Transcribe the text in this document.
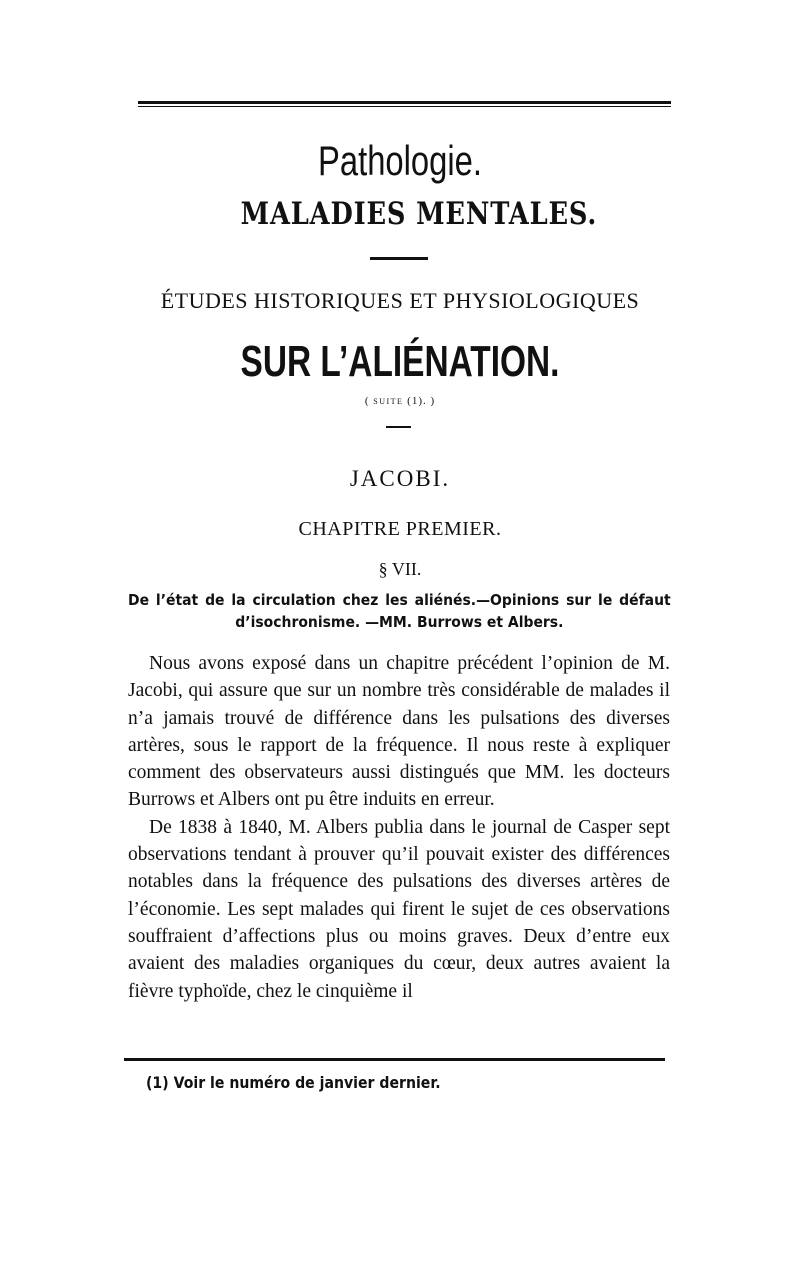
Pathologie.
MALADIES MENTALES.
ÉTUDES HISTORIQUES ET PHYSIOLOGIQUES
SUR L’ALIÉNATION.
( SUITE (1). )
JACOBI.
CHAPITRE PREMIER.
§ VII.
De l’état de la circulation chez les aliénés.—Opinions sur le défaut
d’isochronisme. —MM. Burrows et Albers.

Nous avons exposé dans un chapitre précédent l’opinion de M. Jacobi, qui assure que sur un nombre très considérable de malades il n’a jamais trouvé de différence dans les pulsations des diverses artères, sous le rapport de la fréquence. Il nous reste à expliquer comment des observateurs aussi distingués que MM. les docteurs Burrows et Albers ont pu être induits en erreur.

De 1838 à 1840, M. Albers publia dans le journal de Casper sept observations tendant à prouver qu’il pouvait exister des différences notables dans la fréquence des pulsations des diverses artères de l’économie. Les sept malades qui firent le sujet de ces observations souffraient d’affections plus ou moins graves. Deux d’entre eux avaient des maladies organiques du cœur, deux autres avaient la fièvre typhoïde, chez le cinquième il

(1) Voir le numéro de janvier dernier.
